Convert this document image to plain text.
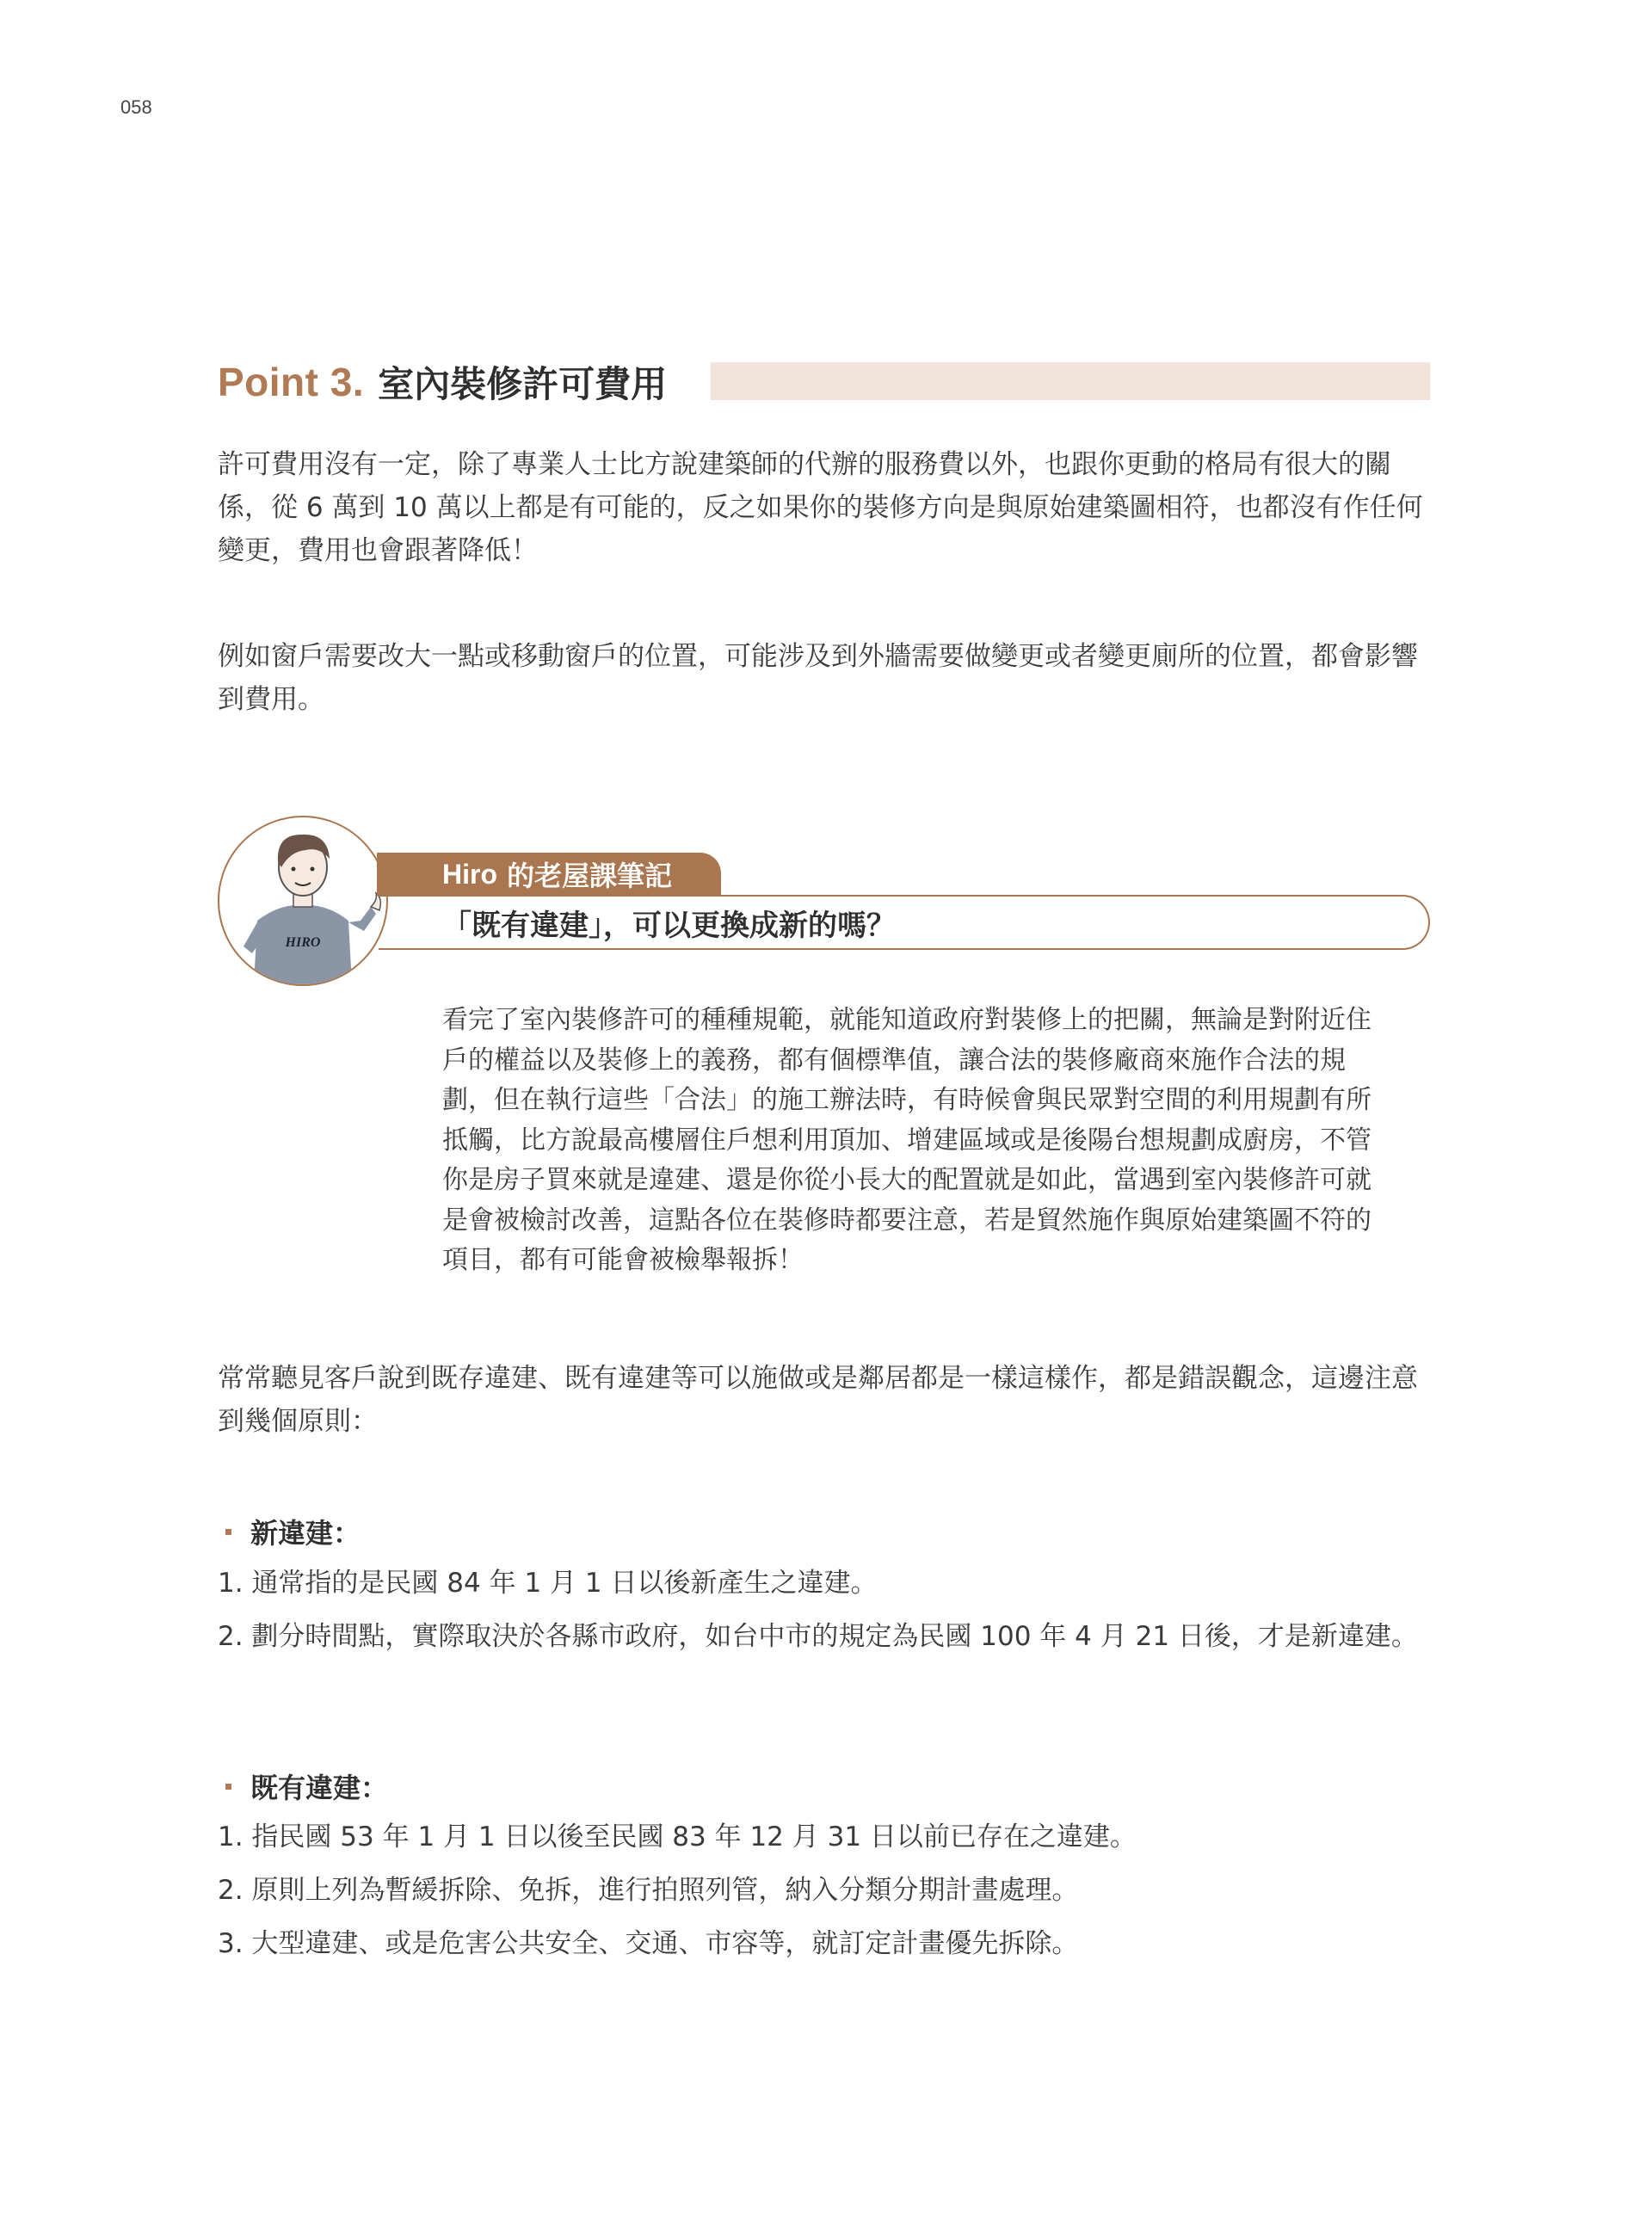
058
Point 3. 室內裝修許可費用

許可費用沒有一定，除了專業人士比方說建築師的代辦的服務費以外，也跟你更動的格局有很大的關係，從 6 萬到 10 萬以上都是有可能的，反之如果你的裝修方向是與原始建築圖相符，也都沒有作任何變更，費用也會跟著降低！

例如窗戶需要改大一點或移動窗戶的位置，可能涉及到外牆需要做變更或者變更廁所的位置，都會影響到費用。

HIRO
Hiro 的老屋課筆記
「既有違建」，可以更換成新的嗎？

看完了室內裝修許可的種種規範，就能知道政府對裝修上的把關，無論是對附近住戶的權益以及裝修上的義務，都有個標準值，讓合法的裝修廠商來施作合法的規劃，但在執行這些「合法」的施工辦法時，有時候會與民眾對空間的利用規劃有所抵觸，比方說最高樓層住戶想利用頂加、增建區域或是後陽台想規劃成廚房，不管你是房子買來就是違建、還是你從小長大的配置就是如此，當遇到室內裝修許可就是會被檢討改善，這點各位在裝修時都要注意，若是貿然施作與原始建築圖不符的項目，都有可能會被檢舉報拆！

常常聽見客戶說到既存違建、既有違建等可以施做或是鄰居都是一樣這樣作，都是錯誤觀念，這邊注意到幾個原則：

新違建：
1. 通常指的是民國 84 年 1 月 1 日以後新產生之違建。
2. 劃分時間點，實際取決於各縣市政府，如台中市的規定為民國 100 年 4 月 21 日後，才是新違建。
既有違建：
1. 指民國 53 年 1 月 1 日以後至民國 83 年 12 月 31 日以前已存在之違建。
2. 原則上列為暫緩拆除、免拆，進行拍照列管，納入分類分期計畫處理。
3. 大型違建、或是危害公共安全、交通、市容等，就訂定計畫優先拆除。
